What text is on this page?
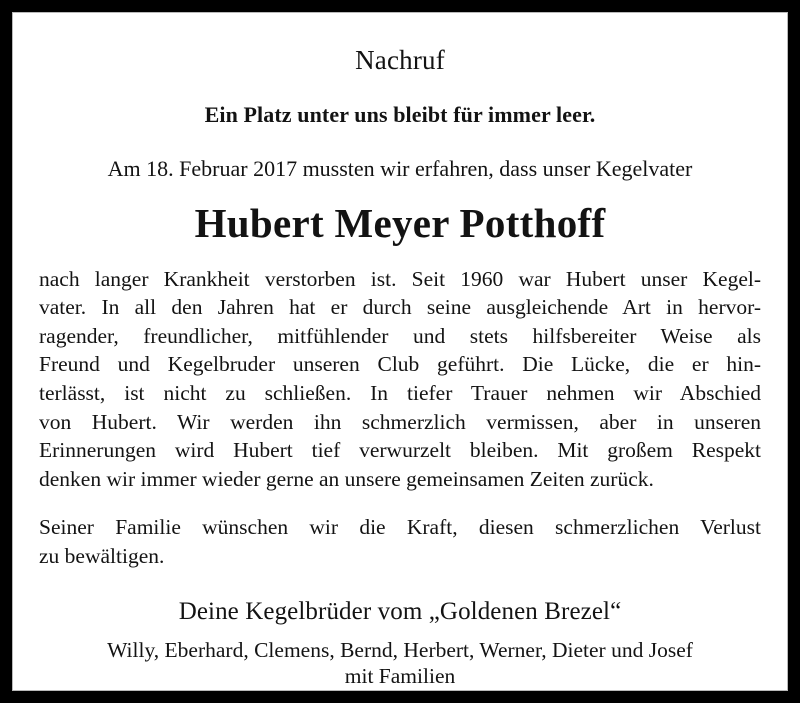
Nachruf
Ein Platz unter uns bleibt für immer leer.

Am 18. Februar 2017 mussten wir erfahren, dass unser Kegelvater

Hubert Meyer Potthoff
nach langer Krankheit verstorben ist. Seit 1960 war Hubert unser Kegel-
vater. In all den Jahren hat er durch seine ausgleichende Art in hervor-
ragender, freundlicher, mitfühlender und stets hilfsbereiter Weise als
Freund und Kegelbruder unseren Club geführt. Die Lücke, die er hin-
terlässt, ist nicht zu schließen. In tiefer Trauer nehmen wir Abschied
von Hubert. Wir werden ihn schmerzlich vermissen, aber in unseren
Erinnerungen wird Hubert tief verwurzelt bleiben. Mit großem Respekt
denken wir immer wieder gerne an unsere gemeinsamen Zeiten zurück.
Seiner Familie wünschen wir die Kraft, diesen schmerzlichen Verlust
zu bewältigen.

Deine Kegelbrüder vom „Goldenen Brezel“

Willy, Eberhard, Clemens, Bernd, Herbert, Werner, Dieter und Josef
mit Familien
